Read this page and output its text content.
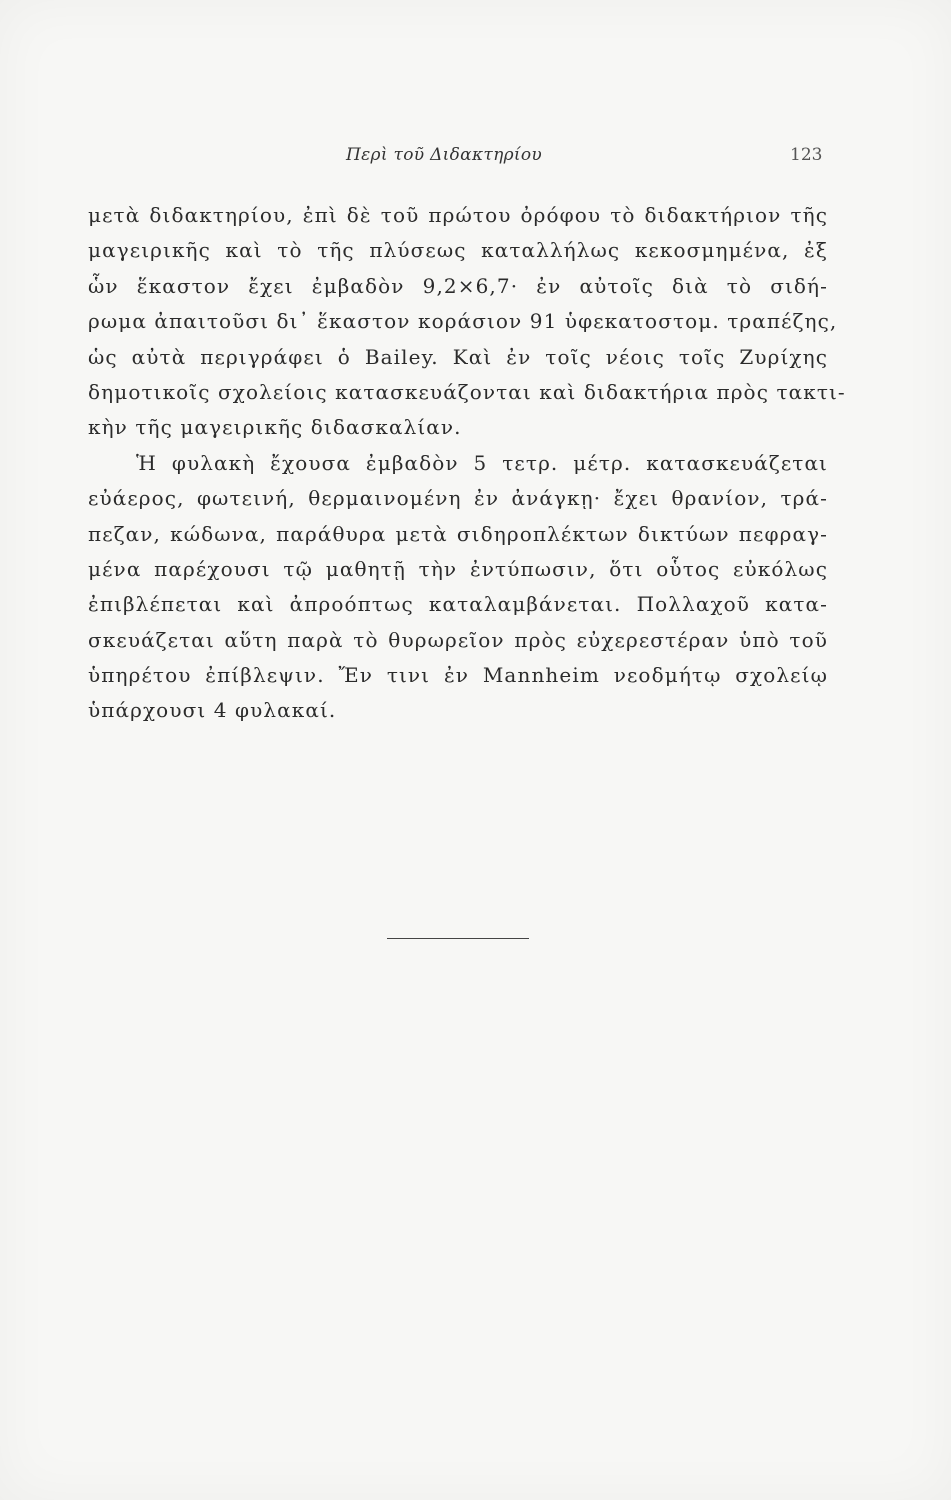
Περὶ τοῦ Διδακτηρίου	123
μετὰ διδακτηρίου, ἐπὶ δὲ τοῦ πρώτου ὀρόφου τὸ διδακτήριον τῆς
μαγειρικῆς καὶ τὸ τῆς πλύσεως καταλλήλως κεκοσμημένα, ἐξ
ὧν ἕκαστον ἔχει ἐμβαδὸν 9,2×6,7· ἐν αὐτοῖς διὰ τὸ σιδή-
ρωμα ἀπαιτοῦσι δι᾽ ἕκαστον κοράσιον 91 ὑφεκατοστομ. τραπέζης,
ὡς αὐτὰ περιγράφει ὁ Bailey. Καὶ ἐν τοῖς νέοις τοῖς Ζυρίχης
δημοτικοῖς σχολείοις κατασκευάζονται καὶ διδακτήρια πρὸς τακτι-
κὴν τῆς μαγειρικῆς διδασκαλίαν.
Ἡ φυλακὴ ἔχουσα ἐμβαδὸν 5 τετρ. μέτρ. κατασκευάζεται
εὐάερος, φωτεινή, θερμαινομένη ἐν ἀνάγκῃ· ἔχει θρανίον, τρά-
πεζαν, κώδωνα, παράθυρα μετὰ σιδηροπλέκτων δικτύων πεφραγ-
μένα παρέχουσι τῷ μαθητῇ τὴν ἐντύπωσιν, ὅτι οὗτος εὐκόλως
ἐπιβλέπεται καὶ ἀπροόπτως καταλαμβάνεται. Πολλαχοῦ κατα-
σκευάζεται αὕτη παρὰ τὸ θυρωρεῖον πρὸς εὐχερεστέραν ὑπὸ τοῦ
ὑπηρέτου ἐπίβλεψιν. Ἔν τινι ἐν Mannheim νεοδμήτῳ σχολείῳ
ὑπάρχουσι 4 φυλακαί.
